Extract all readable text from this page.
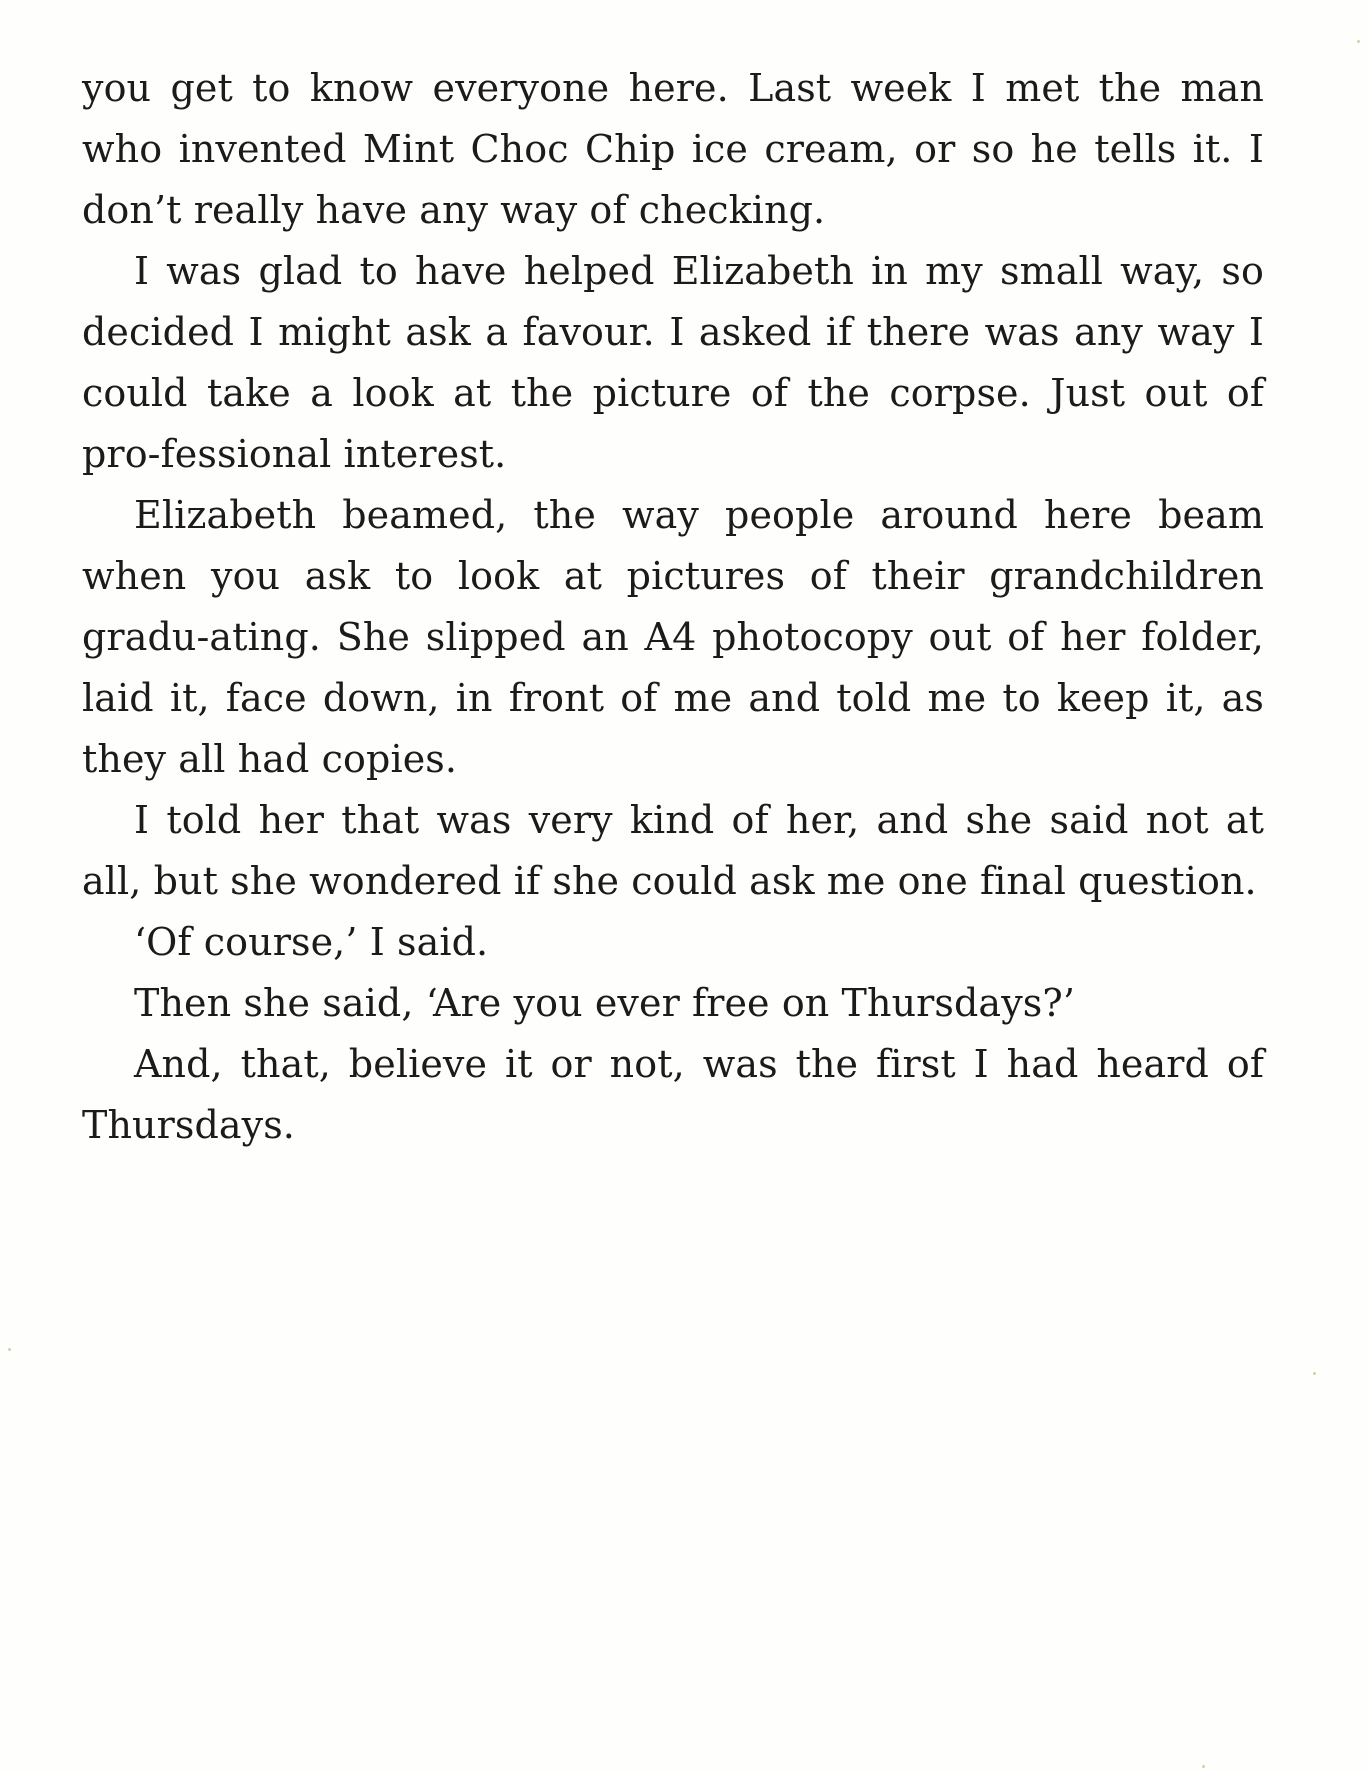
you get to know everyone here. Last week I met the man who invented Mint Choc Chip ice cream, or so he tells it. I don’t really have any way of checking.

I was glad to have helped Elizabeth in my small way, so decided I might ask a favour. I asked if there was any way I could take a look at the picture of the corpse. Just out of pro-fessional interest.

Elizabeth beamed, the way people around here beam when you ask to look at pictures of their grandchildren gradu-ating. She slipped an A4 photocopy out of her folder, laid it, face down, in front of me and told me to keep it, as they all had copies.

I told her that was very kind of her, and she said not at all, but she wondered if she could ask me one final question.

‘Of course,’ I said.

Then she said, ‘Are you ever free on Thursdays?’

And, that, believe it or not, was the first I had heard of Thursdays.
